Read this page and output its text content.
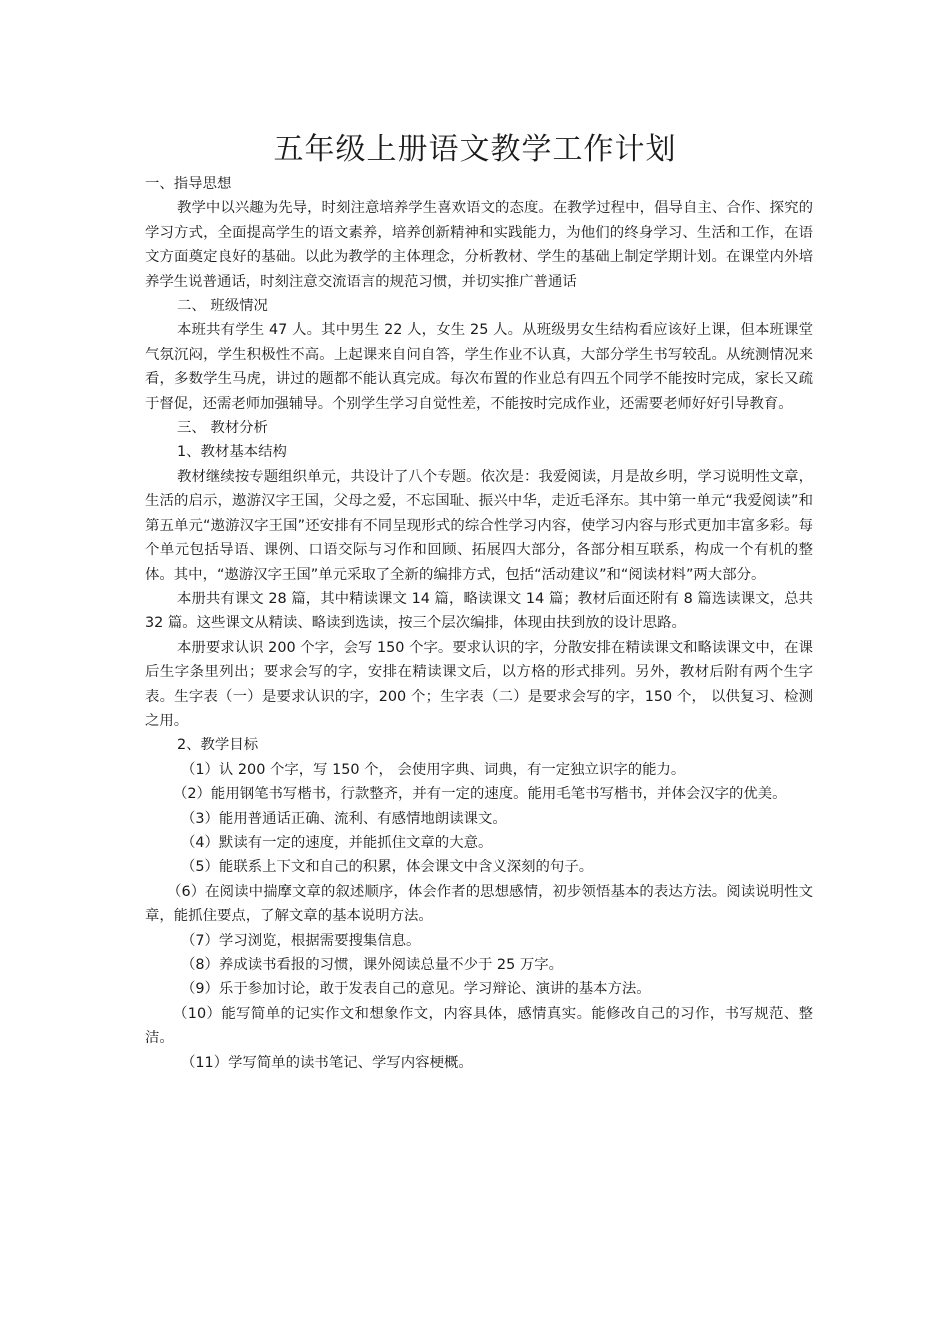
五年级上册语文教学工作计划

一、指导思想

教学中以兴趣为先导，时刻注意培养学生喜欢语文的态度。在教学过程中，倡导自主、合作、探究的学习方式，全面提高学生的语文素养，培养创新精神和实践能力，为他们的终身学习、生活和工作，在语文方面奠定良好的基础。以此为教学的主体理念，分析教材、学生的基础上制定学期计划。在课堂内外培养学生说普通话，时刻注意交流语言的规范习惯，并切实推广普通话

二、 班级情况

本班共有学生 47 人。其中男生 22 人，女生 25 人。从班级男女生结构看应该好上课，但本班课堂气氛沉闷，学生积极性不高。上起课来自问自答，学生作业不认真，大部分学生书写较乱。从统测情况来看，多数学生马虎，讲过的题都不能认真完成。每次布置的作业总有四五个同学不能按时完成，家长又疏于督促，还需老师加强辅导。个别学生学习自觉性差，不能按时完成作业，还需要老师好好引导教育。

三、 教材分析

1、教材基本结构

教材继续按专题组织单元，共设计了八个专题。依次是：我爱阅读，月是故乡明，学习说明性文章，生活的启示，遨游汉字王国，父母之爱，不忘国耻、振兴中华，走近毛泽东。其中第一单元“我爱阅读”和第五单元“遨游汉字王国”还安排有不同呈现形式的综合性学习内容，使学习内容与形式更加丰富多彩。每个单元包括导语、课例、口语交际与习作和回顾、拓展四大部分，各部分相互联系，构成一个有机的整体。其中，“遨游汉字王国”单元采取了全新的编排方式，包括“活动建议”和“阅读材料”两大部分。

本册共有课文 28 篇，其中精读课文 14 篇，略读课文 14 篇；教材后面还附有 8 篇选读课文，总共 32 篇。这些课文从精读、略读到选读，按三个层次编排，体现由扶到放的设计思路。

本册要求认识 200 个字，会写 150 个字。要求认识的字，分散安排在精读课文和略读课文中，在课后生字条里列出；要求会写的字，安排在精读课文后，以方格的形式排列。另外，教材后附有两个生字表。生字表（一）是要求认识的字，200 个；生字表（二）是要求会写的字，150 个， 以供复习、检测之用。

2、教学目标

（1）认 200 个字，写 150 个， 会使用字典、词典，有一定独立识字的能力。

（2）能用钢笔书写楷书，行款整齐，并有一定的速度。能用毛笔书写楷书，并体会汉字的优美。

（3）能用普通话正确、流利、有感情地朗读课文。

（4）默读有一定的速度，并能抓住文章的大意。

（5）能联系上下文和自己的积累，体会课文中含义深刻的句子。

（6）在阅读中揣摩文章的叙述顺序，体会作者的思想感情，初步领悟基本的表达方法。阅读说明性文章，能抓住要点，了解文章的基本说明方法。

（7）学习浏览，根据需要搜集信息。

（8）养成读书看报的习惯，课外阅读总量不少于 25 万字。

（9）乐于参加讨论，敢于发表自己的意见。学习辩论、演讲的基本方法。

（10）能写简单的记实作文和想象作文，内容具体，感情真实。能修改自己的习作，书写规范、整洁。

（11）学写简单的读书笔记、学写内容梗概。
